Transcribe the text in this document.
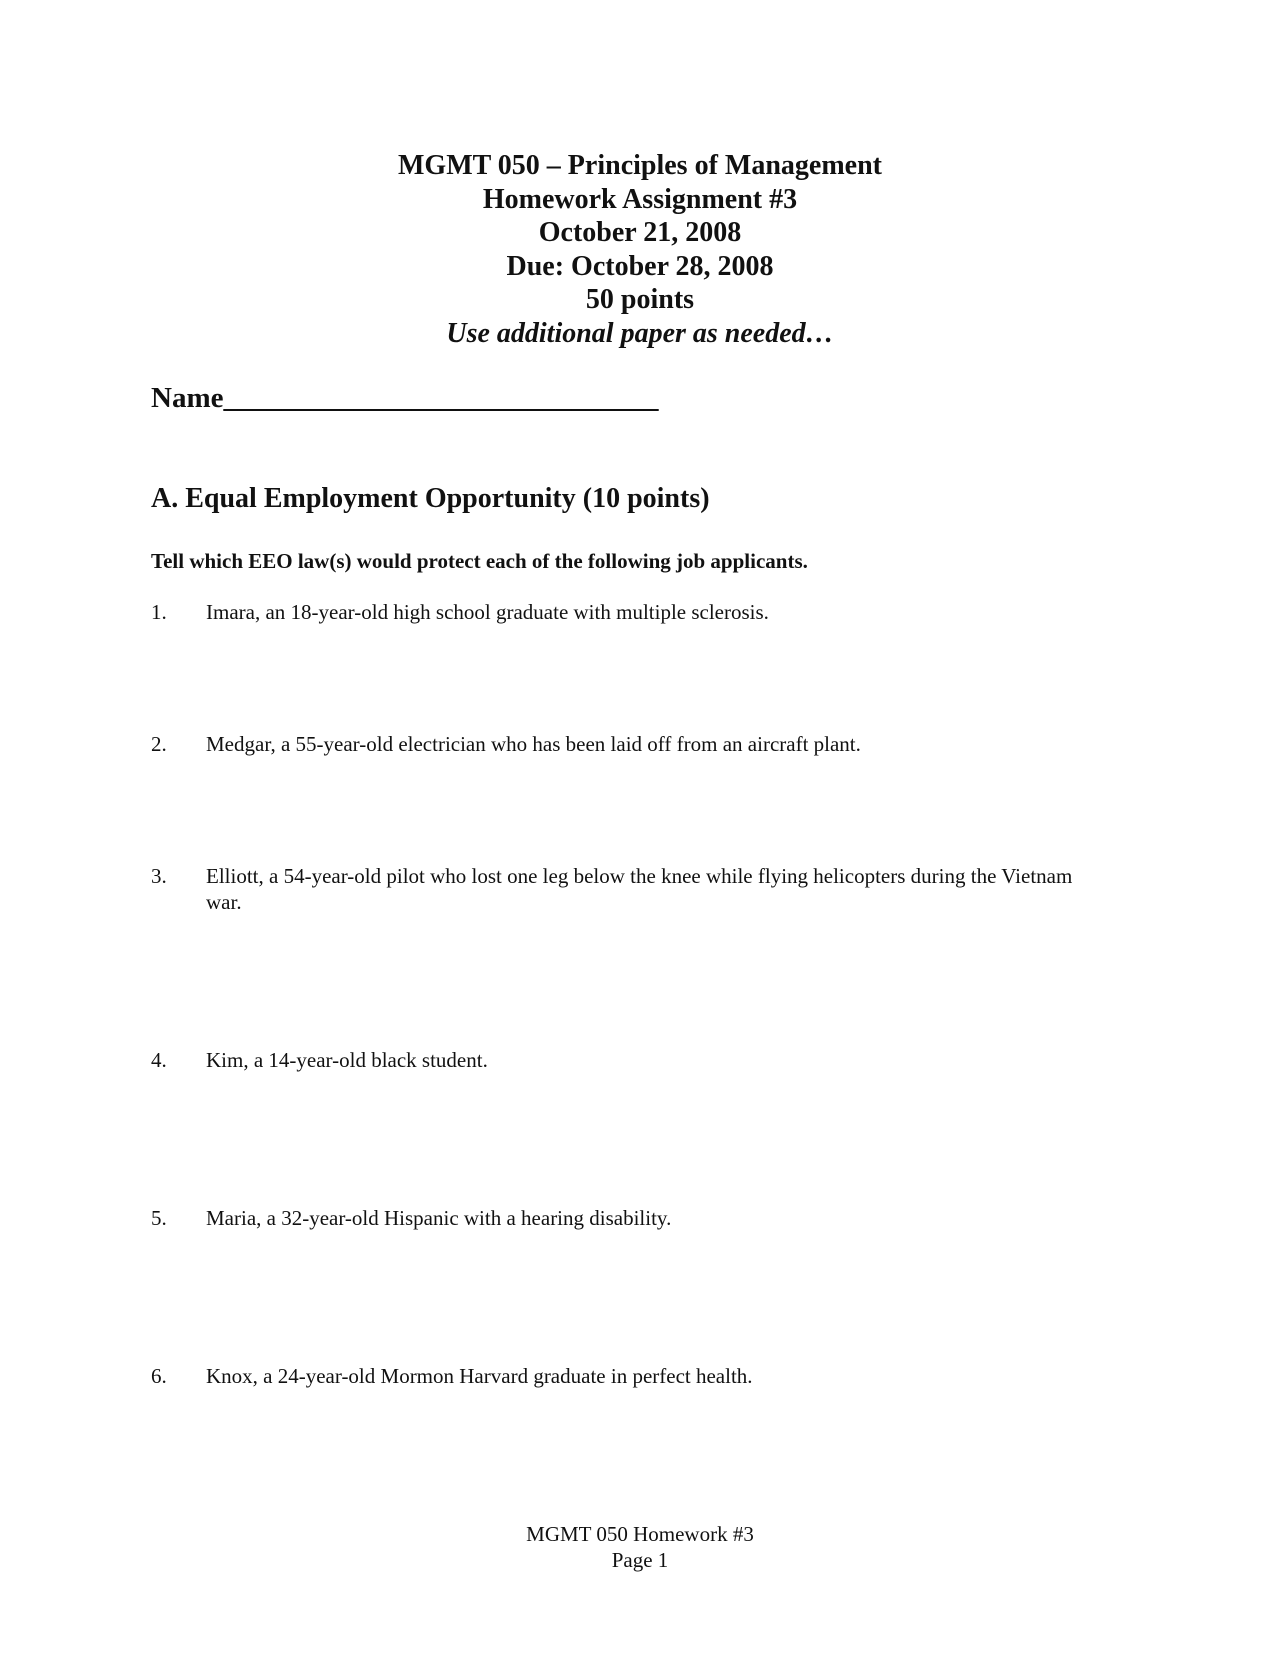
MGMT 050 – Principles of Management
Homework Assignment #3
October 21, 2008
Due: October 28, 2008
50 points
Use additional paper as needed…
Name______________________________
A. Equal Employment Opportunity (10 points)
Tell which EEO law(s) would protect each of the following job applicants.
1.	Imara, an 18-year-old high school graduate with multiple sclerosis.
2.	Medgar, a 55-year-old electrician who has been laid off from an aircraft plant.
3.	Elliott, a 54-year-old pilot who lost one leg below the knee while flying helicopters during the Vietnam war.
4.	Kim, a 14-year-old black student.
5.	Maria, a 32-year-old Hispanic with a hearing disability.
6.	Knox, a 24-year-old Mormon Harvard graduate in perfect health.
MGMT 050 Homework #3
Page 1
